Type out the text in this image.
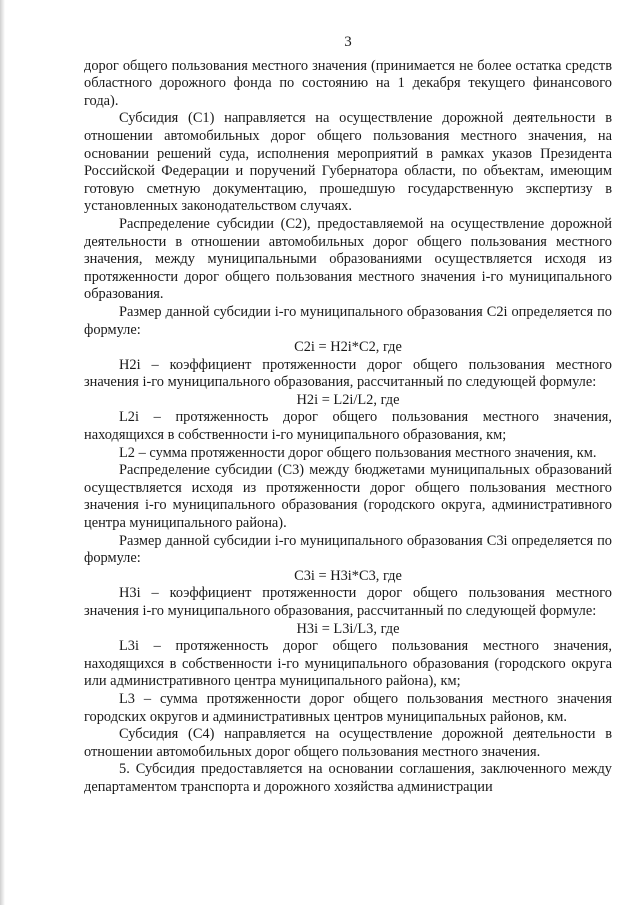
3

дорог общего пользования местного значения (принимается не более остатка средств областного дорожного фонда по состоянию на 1 декабря текущего финансового года).

Субсидия (С1) направляется на осуществление дорожной деятельности в отношении автомобильных дорог общего пользования местного значения, на основании решений суда, исполнения мероприятий в рамках указов Президента Российской Федерации и поручений Губернатора области, по объектам, имеющим готовую сметную документацию, прошедшую государственную экспертизу в установленных законодательством случаях.

Распределение субсидии (С2), предоставляемой на осуществление дорожной деятельности в отношении автомобильных дорог общего пользования местного значения, между муниципальными образованиями осуществляется исходя из протяженности дорог общего пользования местного значения i-го муниципального образования.

Размер данной субсидии i-го муниципального образования С2i определяется по формуле:

С2i = Н2i*С2, где

Н2i – коэффициент протяженности дорог общего пользования местного значения i-го муниципального образования, рассчитанный по следующей формуле:

Н2i = L2i/L2, где

L2i – протяженность дорог общего пользования местного значения, находящихся в собственности i-го муниципального образования, км;

L2 – сумма протяженности дорог общего пользования местного значения, км.

Распределение субсидии (С3) между бюджетами муниципальных образований осуществляется исходя из протяженности дорог общего пользования местного значения i-го муниципального образования (городского округа, административного центра муниципального района).

Размер данной субсидии i-го муниципального образования С3i определяется по формуле:

С3i = Н3i*С3, где

Н3i – коэффициент протяженности дорог общего пользования местного значения i-го муниципального образования, рассчитанный по следующей формуле:

Н3i = L3i/L3, где

L3i – протяженность дорог общего пользования местного значения, находящихся в собственности i-го муниципального образования (городского округа или административного центра муниципального района), км;

L3 – сумма протяженности дорог общего пользования местного значения городских округов и административных центров муниципальных районов, км.

Субсидия (С4) направляется на осуществление дорожной деятельности в отношении автомобильных дорог общего пользования местного значения.

5. Субсидия предоставляется на основании соглашения, заключенного между департаментом транспорта и дорожного хозяйства администрации
